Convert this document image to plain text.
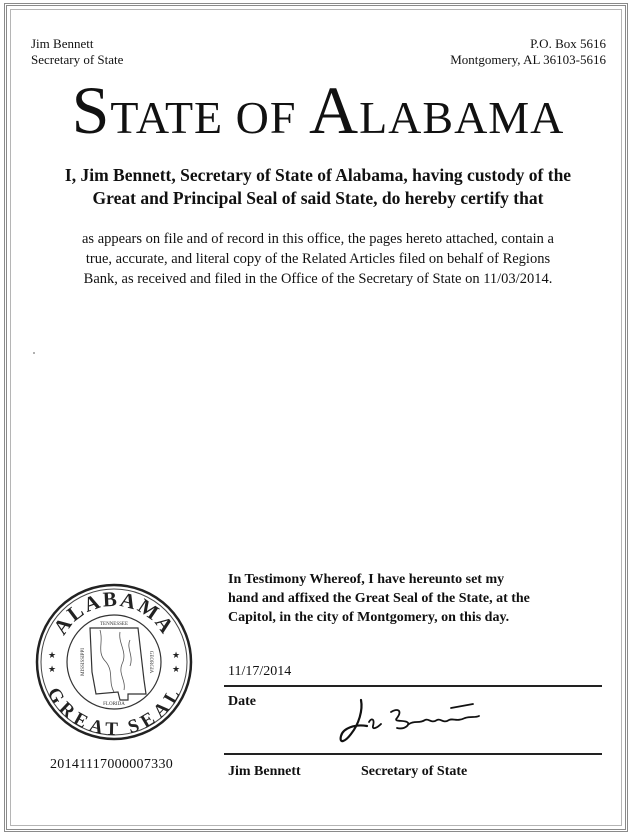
Jim Bennett
Secretary of State
P.O. Box 5616
Montgomery, AL 36103-5616
STATE OF ALABAMA
I, Jim Bennett, Secretary of State of Alabama, having custody of the
Great and Principal Seal of said State, do hereby certify that
as appears on file and of record in this office, the pages hereto attached, contain a
true, accurate, and literal copy of the Related Articles filed on behalf of Regions
Bank, as received and filed in the Office of the Secretary of State on 11/03/2014.
In Testimony Whereof, I have hereunto set my
hand and affixed the Great Seal of the State, at the
Capitol, in the city of Montgomery, on this day.
11/17/2014
Date
Jim Bennett	Secretary of State
20141117000007330
ALABAMA
GREAT SEAL
★
★
★
★
TENNESSEE
MISSISSIPPI	GEORGIA
FLORIDA
